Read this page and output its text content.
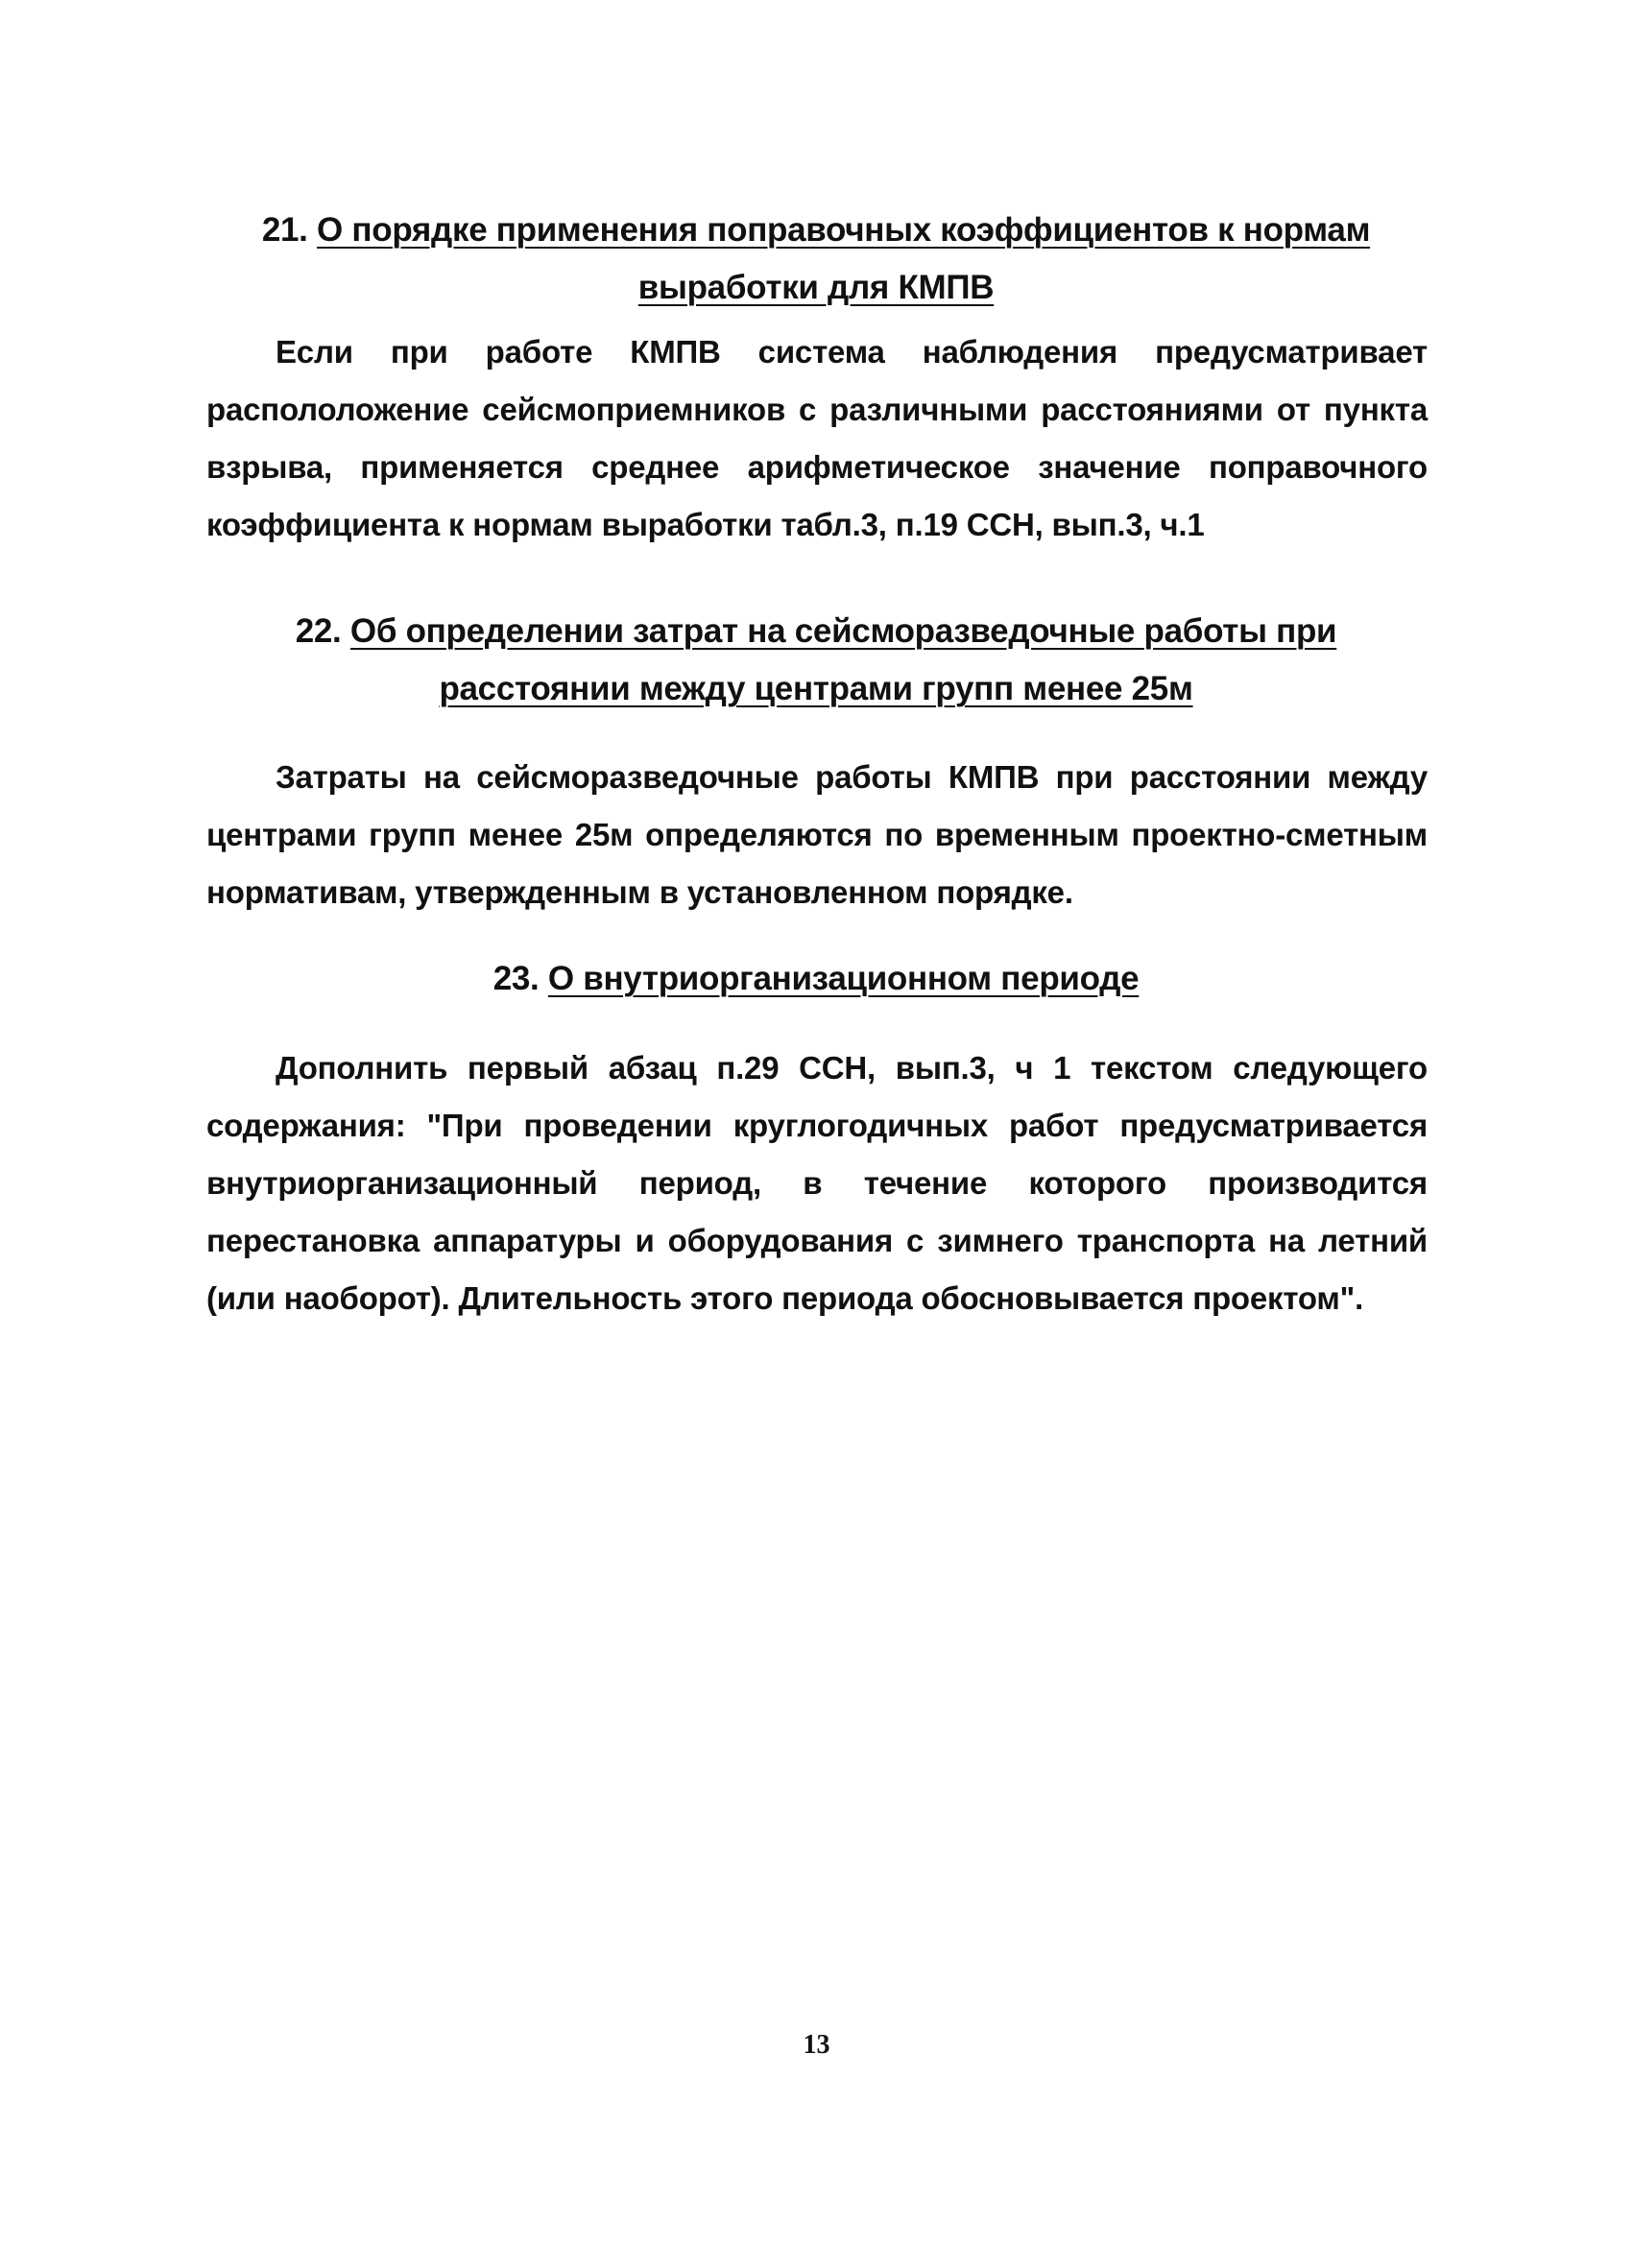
21. О порядке применения поправочных коэффициентов к нормам
выработки для КМПВ

Если при работе КМПВ система наблюдения предусматривает распололожение сейсмоприемников с различными расстояниями от пункта взрыва, применяется среднее арифметическое значение поправочного коэффициента к нормам выработки табл.3, п.19 ССН, вып.3, ч.1

22. Об определении затрат на сейсморазведочные работы при
расстоянии между центрами групп менее 25м

Затраты на сейсморазведочные работы КМПВ при расстоянии между центрами групп менее 25м определяются по временным проектно-сметным нормативам, утвержденным в установленном порядке.

23. О внутриорганизационном периоде

Дополнить первый абзац п.29 ССН, вып.3, ч 1 текстом следующего содержания: "При проведении круглогодичных работ предусматривается внутриорганизационный период, в течение которого производится перестановка аппаратуры и оборудования с зимнего транспорта на летний (или наоборот). Длительность этого периода обосновывается проектом".

13
